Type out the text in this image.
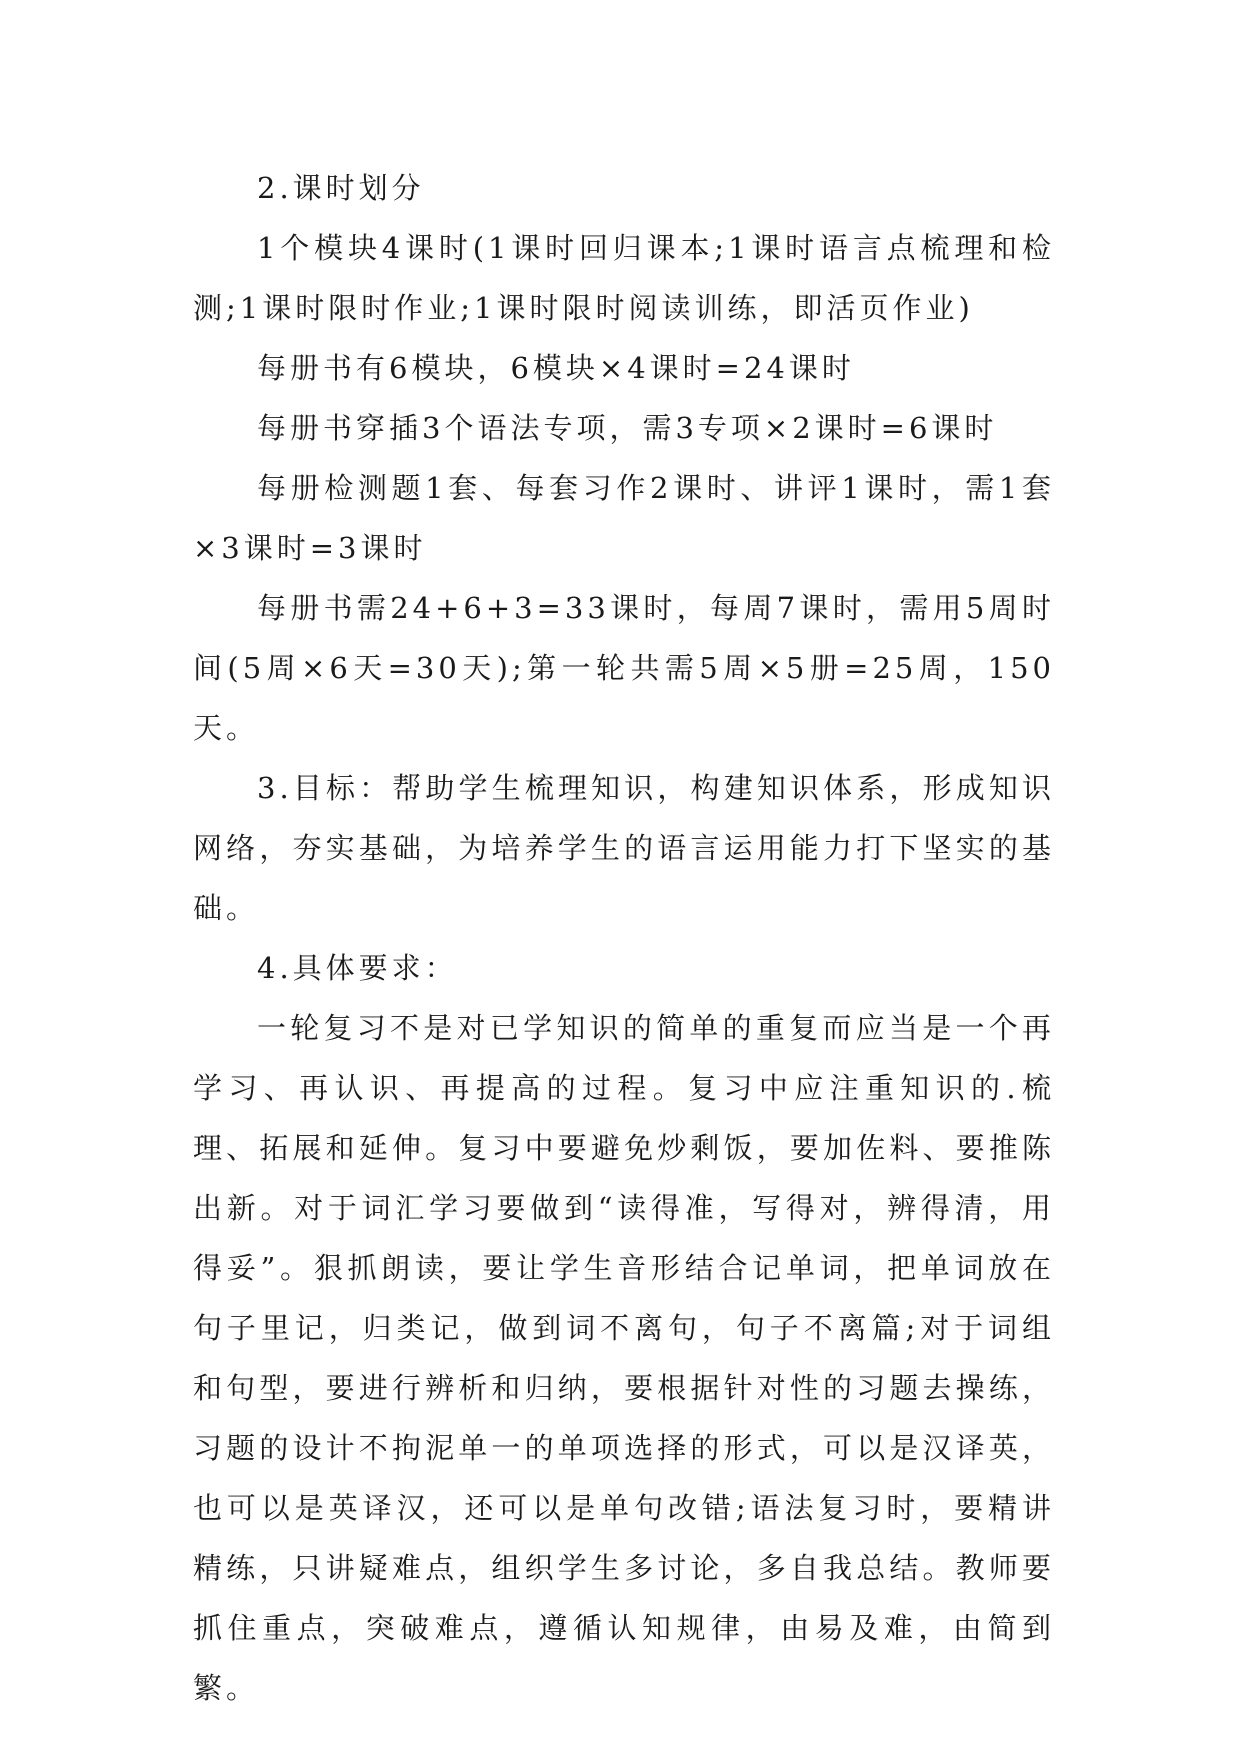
2.课时划分

1个模块4课时(1课时回归课本;1课时语言点梳理和检测;1课时限时作业;1课时限时阅读训练，即活页作业)

每册书有6模块，6模块×4课时=24课时

每册书穿插3个语法专项，需3专项×2课时=6课时

每册检测题1套、每套习作2课时、讲评1课时，需1套×3课时=3课时

每册书需24+6+3=33课时，每周7课时，需用5周时间(5周×6天=30天);第一轮共需5周×5册=25周，150天。

3.目标：帮助学生梳理知识，构建知识体系，形成知识网络，夯实基础，为培养学生的语言运用能力打下坚实的基础。

4.具体要求：

一轮复习不是对已学知识的简单的重复而应当是一个再学习、再认识、再提高的过程。复习中应注重知识的.梳理、拓展和延伸。复习中要避免炒剩饭，要加佐料、要推陈出新。对于词汇学习要做到“读得准，写得对，辨得清，用得妥”。狠抓朗读，要让学生音形结合记单词，把单词放在句子里记，归类记，做到词不离句，句子不离篇;对于词组和句型，要进行辨析和归纳，要根据针对性的习题去操练，习题的设计不拘泥单一的单项选择的形式，可以是汉译英，也可以是英译汉，还可以是单句改错;语法复习时，要精讲精练，只讲疑难点，组织学生多讨论，多自我总结。教师要抓住重点，突破难点，遵循认知规律，由易及难，由简到繁。
